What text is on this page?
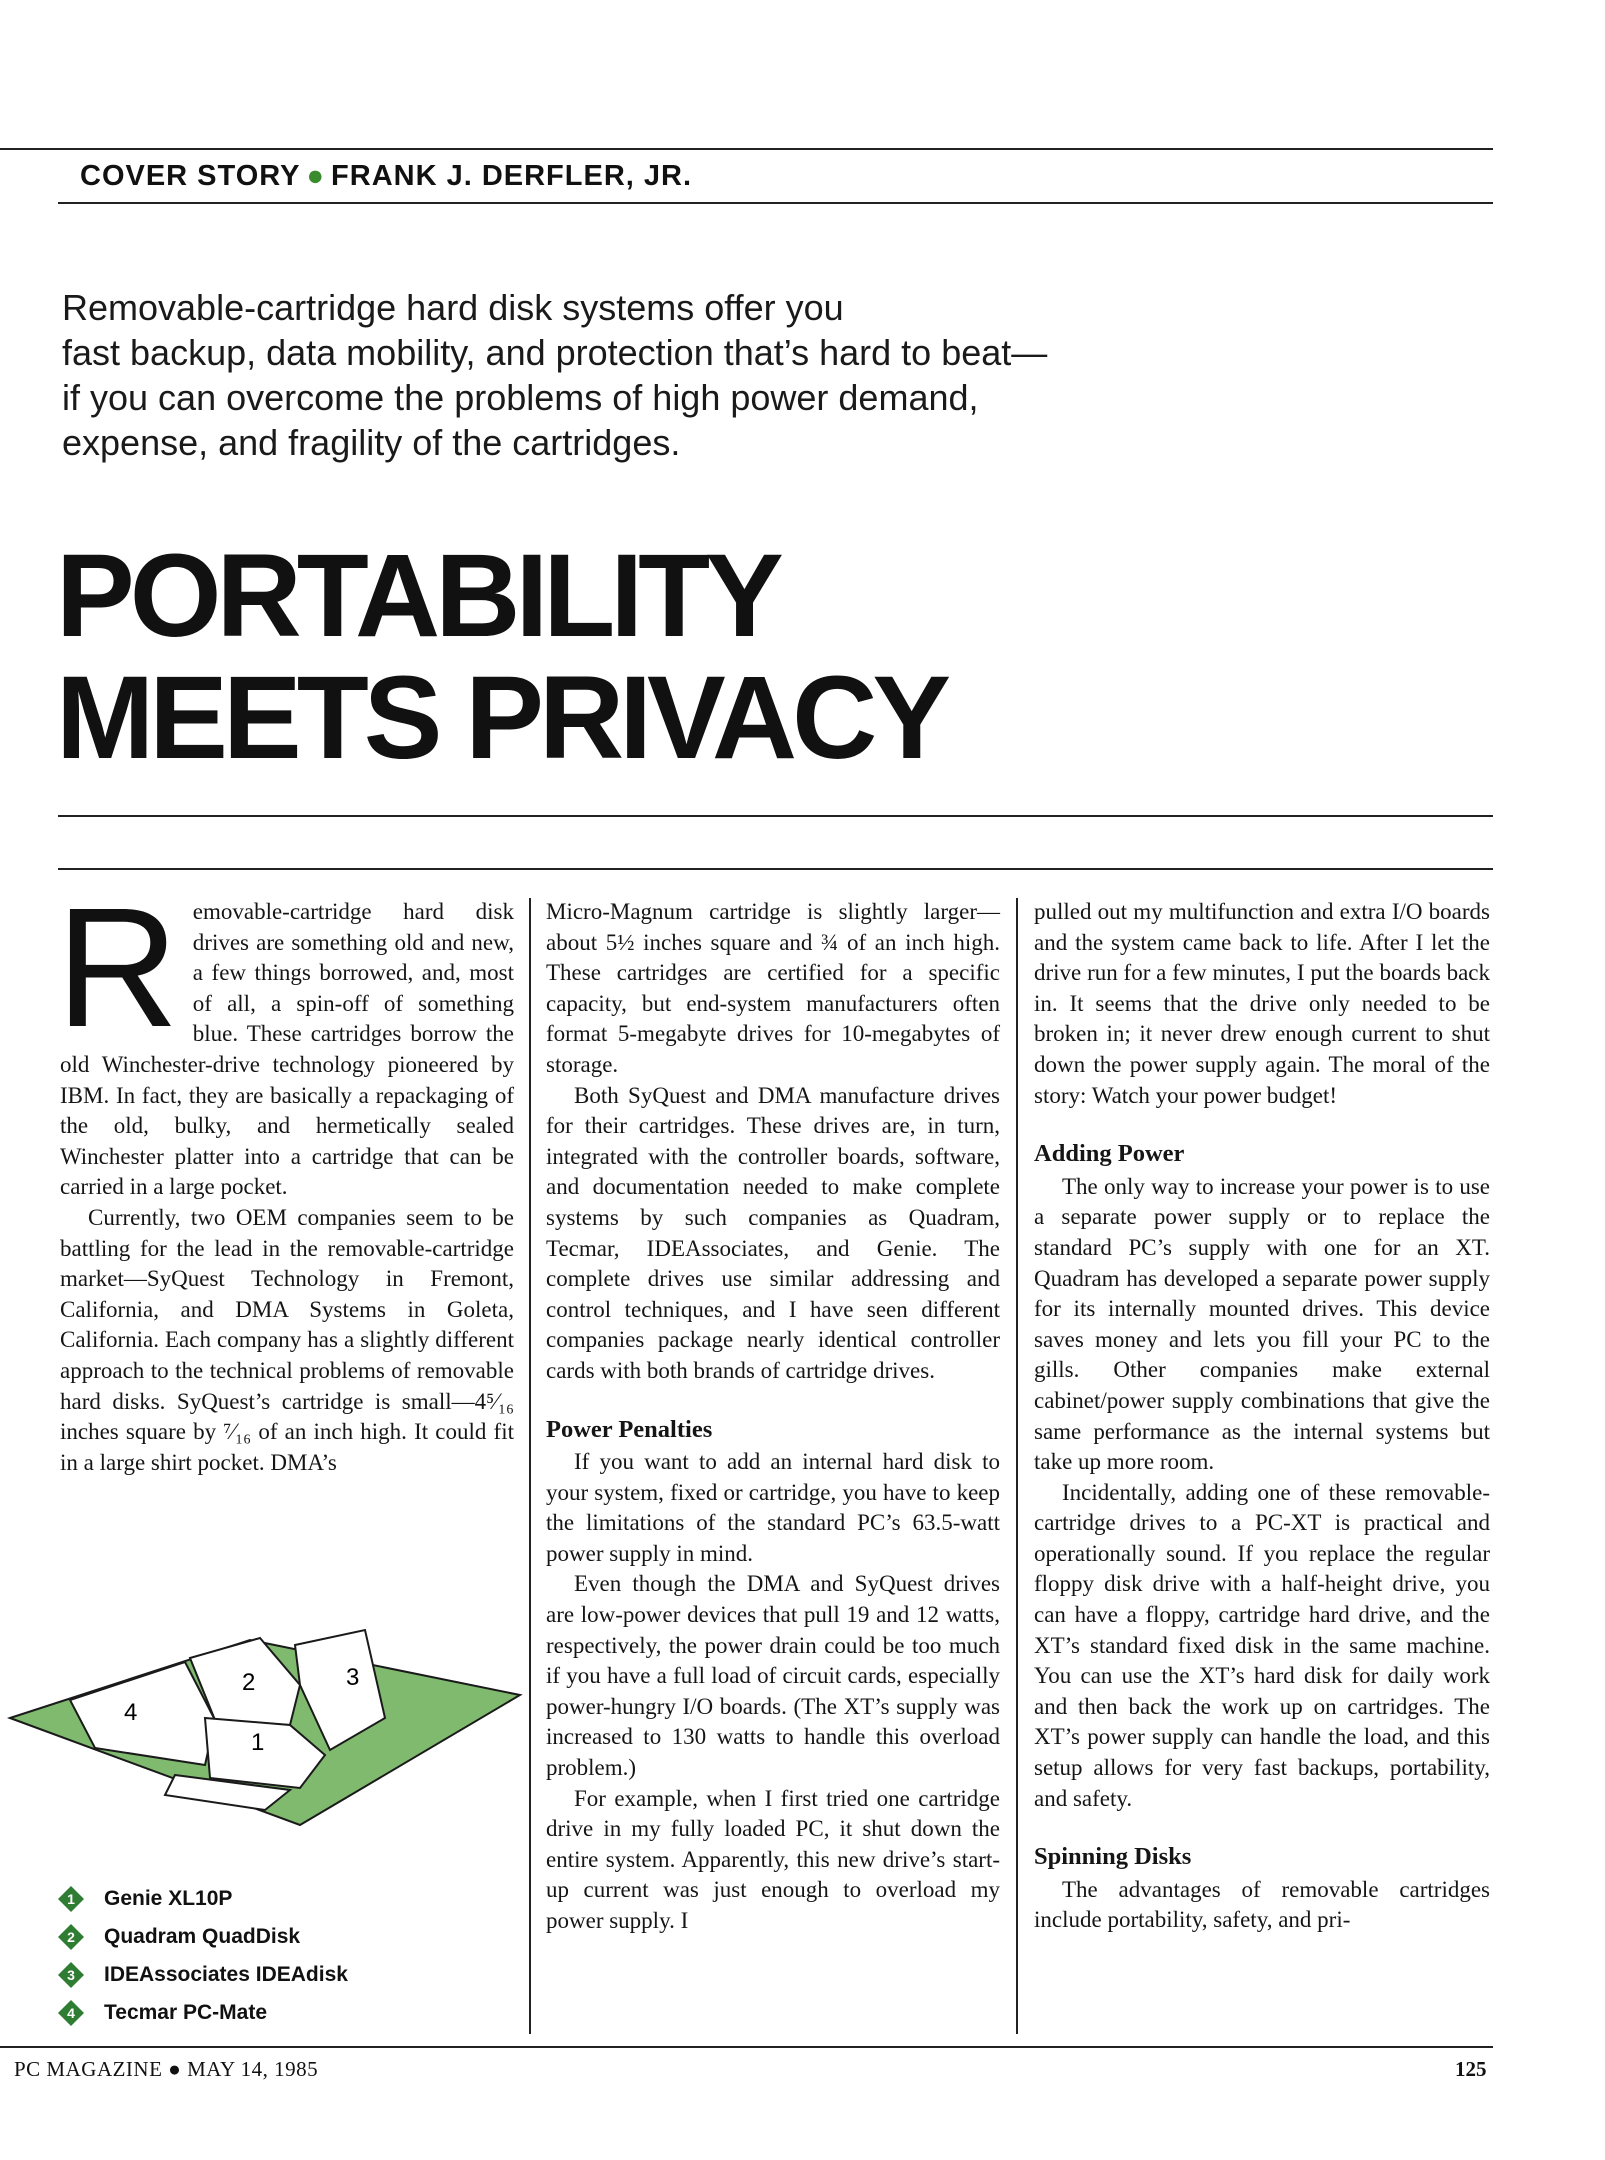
COVER STORY ● FRANK J. DERFLER, JR.
Removable-cartridge hard disk systems offer you
fast backup, data mobility, and protection that’s hard to beat—
if you can overcome the problems of high power demand,
expense, and fragility of the cartridges.
PORTABILITY
MEETS PRIVACY

Removable-cartridge hard disk drives are something old and new, a few things borrowed, and, most of all, a spin-off of something blue. These cartridges borrow the old Winchester-drive technology pioneered by IBM. In fact, they are basically a repackaging of the old, bulky, and hermetically sealed Winchester platter into a cartridge that can be carried in a large pocket.

Currently, two OEM companies seem to be battling for the lead in the removable-cartridge market—SyQuest Technology in Fremont, California, and DMA Systems in Goleta, California. Each company has a slightly different approach to the technical problems of removable hard disks. SyQuest’s cartridge is small—4⁵⁄₁₆ inches square by ⁷⁄₁₆ of an inch high. It could fit in a large shirt pocket. DMA’s

Micro-Magnum cartridge is slightly larger—about 5½ inches square and ¾ of an inch high. These cartridges are certified for a specific capacity, but end-system manufacturers often format 5-megabyte drives for 10-megabytes of storage.

Both SyQuest and DMA manufacture drives for their cartridges. These drives are, in turn, integrated with the controller boards, software, and documentation needed to make complete systems by such companies as Quadram, Tecmar, IDEAssociates, and Genie. The complete drives use similar addressing and control techniques, and I have seen different companies package nearly identical controller cards with both brands of cartridge drives.

Power Penalties

If you want to add an internal hard disk to your system, fixed or cartridge, you have to keep the limitations of the standard PC’s 63.5-watt power supply in mind.

Even though the DMA and SyQuest drives are low-power devices that pull 19 and 12 watts, respectively, the power drain could be too much if you have a full load of circuit cards, especially power-hungry I/O boards. (The XT’s supply was increased to 130 watts to handle this overload problem.)

For example, when I first tried one cartridge drive in my fully loaded PC, it shut down the entire system. Apparently, this new drive’s start-up current was just enough to overload my power supply. I

pulled out my multifunction and extra I/O boards and the system came back to life. After I let the drive run for a few minutes, I put the boards back in. It seems that the drive only needed to be broken in; it never drew enough current to shut down the power supply again. The moral of the story: Watch your power budget!

Adding Power

The only way to increase your power is to use a separate power supply or to replace the standard PC’s supply with one for an XT. Quadram has developed a separate power supply for its internally mounted drives. This device saves money and lets you fill your PC to the gills. Other companies make external cabinet/power supply combinations that give the same performance as the internal systems but take up more room.

Incidentally, adding one of these removable-cartridge drives to a PC-XT is practical and operationally sound. If you replace the regular floppy disk drive with a half-height drive, you can have a floppy, cartridge hard drive, and the XT’s standard fixed disk in the same machine. You can use the XT’s hard disk for daily work and then back the work up on cartridges. The XT’s power supply can handle the load, and this setup allows for very fast backups, portability, and safety.

Spinning Disks

The advantages of removable cartridges include portability, safety, and pri-

1
2	3
4
1	Genie XL10P
2	Quadram QuadDisk
3	IDEAssociates IDEAdisk
4	Tecmar PC-Mate
PC MAGAZINE ● MAY 14, 1985	125
